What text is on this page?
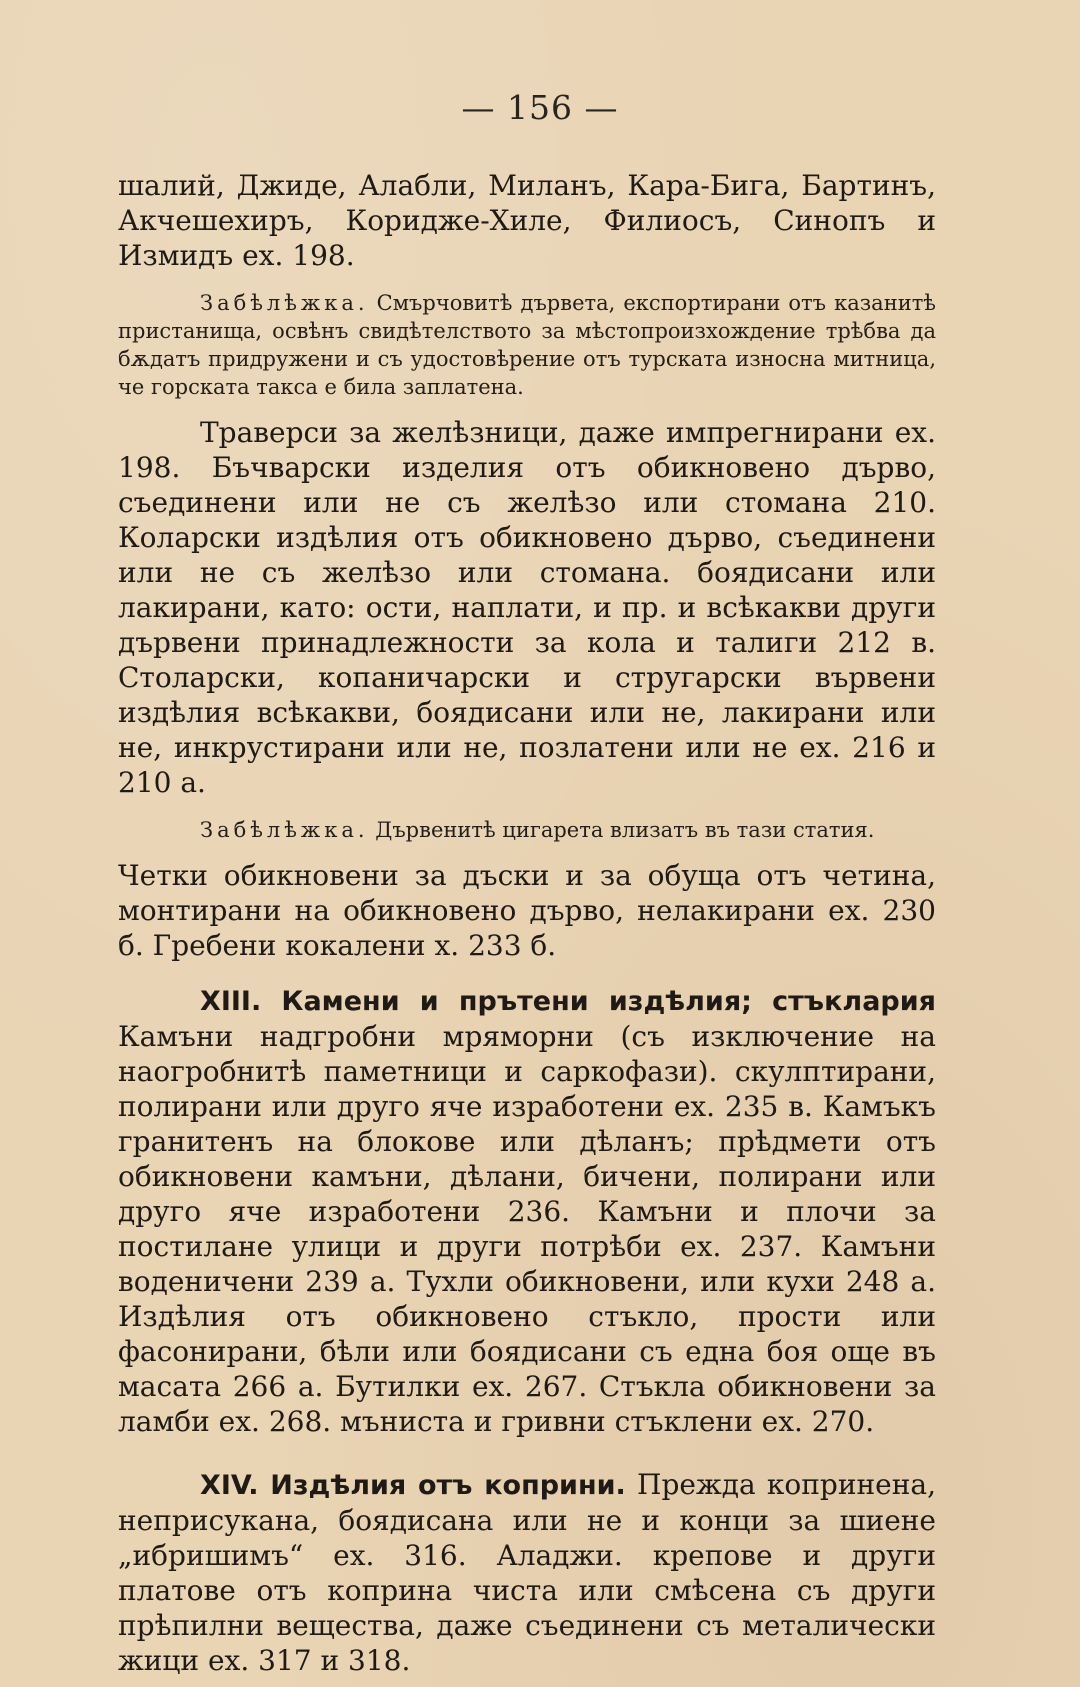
— 156 —

шалий, Джиде, Алабли, Миланъ, Кара-Бига, Бартинъ, Акчешехиръ, Кориджe-Хиле, Филиосъ, Синопъ и Измидъ ех. 198.

Забѣлѣжка. Смърчовитѣ дървета, експортирани отъ казанитѣ пристанища, освѣнъ свидѣтелството за мѣстопроизхождение трѣбва да бѫдатъ придружени и съ удостовѣрение отъ турската износна митница, че горската такса е била заплатена.

Траверси за желѣзници, даже импрегнирани ех. 198. Бъчварски изделия отъ обикновено дърво, съединени или не съ желѣзо или стомана 210. Коларски издѣлия отъ обикновено дърво, съединени или не съ желѣзо или стомана. боядисани или лакирани, като: ости, наплати, и пр. и всѣкакви други дървени принадлежности за кола и талиги 212 в. Столарски, копаничарски и стругарски вървени издѣлия всѣкакви, боядисани или не, лакирани или не, инкрустирани или не, позлатени или не ех. 216 и 210 а.

Забѣлѣжка. Дървенитѣ цигарета влизатъ въ тази статия.

Четки обикновени за дъски и за обуща отъ четина, монтирани на обикновено дърво, нелакирани ех. 230 б. Гребени кокалени х. 233 б.

XIII. Камени и прътени издѣлия; стъклария Камъни надгробни мряморни (съ изключение на наогробнитѣ паметници и саркофази). скулптирани, полирани или друго яче изработени ех. 235 в. Камъкъ гранитенъ на блокове или дѣланъ; прѣдмети отъ обикновени камъни, дѣлани, бичени, полирани или друго яче изработени 236. Камъни и плочи за постилане улици и други потрѣби ех. 237. Камъни воденичени 239 а. Тухли обикновени, или кухи 248 а. Издѣлия отъ обикновено стъкло, прости или фасонирани, бѣли или боядисани съ една боя още въ масата 266 а. Бутилки ех. 267. Стъкла обикновени за ламби ех. 268. мъниста и гривни стъклени ех. 270.

XIV. Издѣлия отъ коприни. Прежда копринена, неприсукана, боядисана или не и конци за шиене „ибришимъ“ ех. 316. Аладжи. крепове и други платове отъ коприна чиста или смѣсена съ други прѣпилни вещества, даже съединени съ металически жици ех. 317 и 318.
